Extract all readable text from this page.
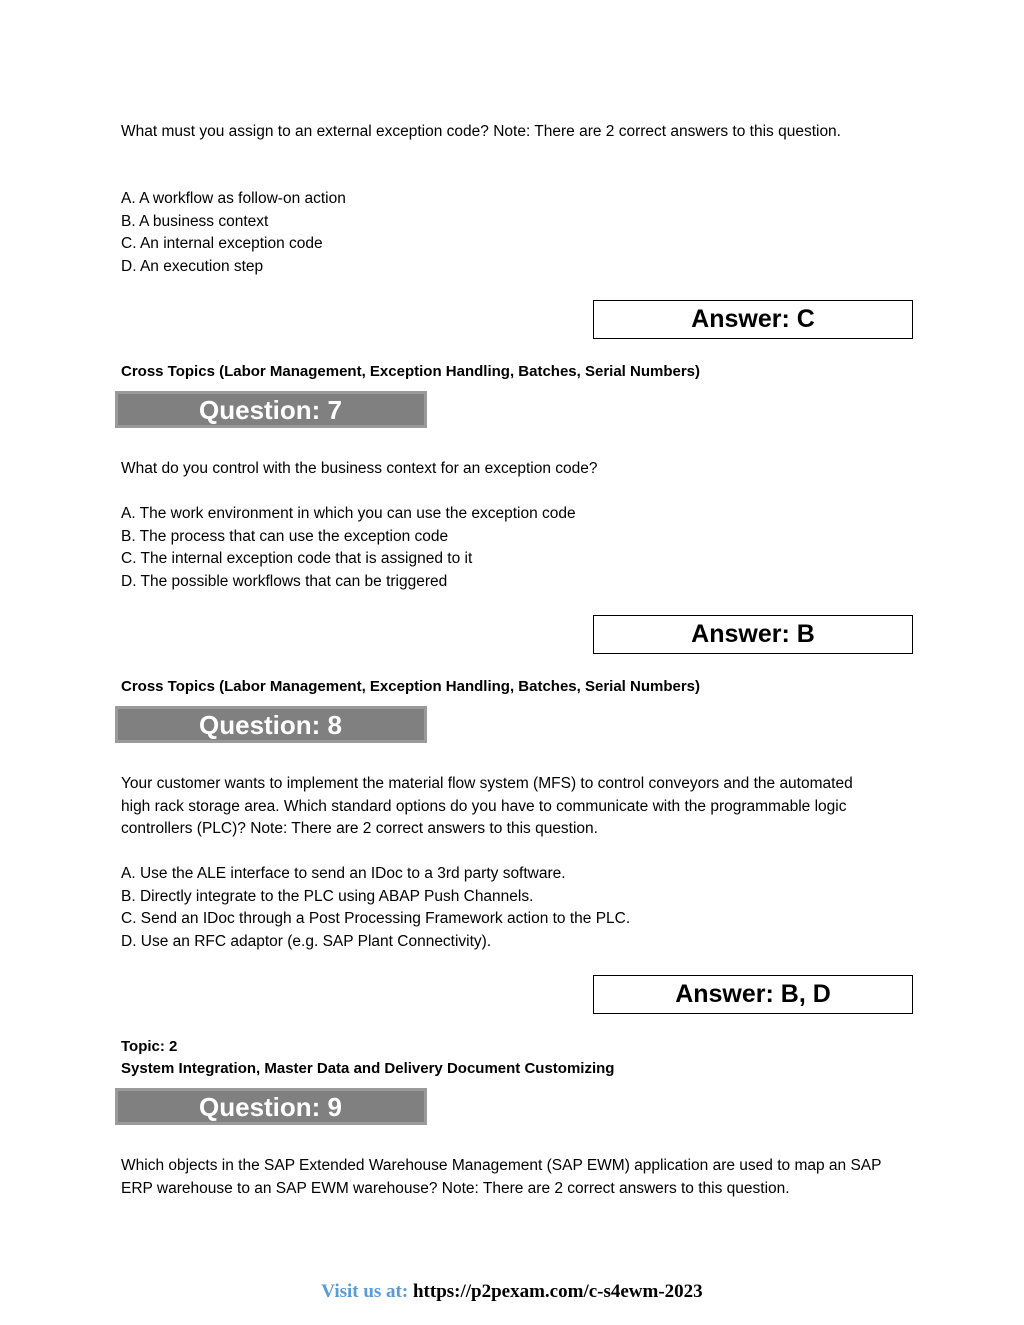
What must you assign to an external exception code? Note: There are 2 correct answers to this question.
A. A workflow as follow-on action
B. A business context
C. An internal exception code
D. An execution step
Answer: C
Cross Topics (Labor Management, Exception Handling, Batches, Serial Numbers)
Question: 7
What do you control with the business context for an exception code?
A. The work environment in which you can use the exception code
B. The process that can use the exception code
C. The internal exception code that is assigned to it
D. The possible workflows that can be triggered
Answer: B
Cross Topics (Labor Management, Exception Handling, Batches, Serial Numbers)
Question: 8
Your customer wants to implement the material flow system (MFS) to control conveyors and the automated high rack storage area. Which standard options do you have to communicate with the programmable logic controllers (PLC)? Note: There are 2 correct answers to this question.
A. Use the ALE interface to send an IDoc to a 3rd party software.
B. Directly integrate to the PLC using ABAP Push Channels.
C. Send an IDoc through a Post Processing Framework action to the PLC.
D. Use an RFC adaptor (e.g. SAP Plant Connectivity).
Answer: B, D
Topic: 2
System Integration, Master Data and Delivery Document Customizing
Question: 9
Which objects in the SAP Extended Warehouse Management (SAP EWM) application are used to map an SAP ERP warehouse to an SAP EWM warehouse? Note: There are 2 correct answers to this question.
Visit us at: https://p2pexam.com/c-s4ewm-2023
